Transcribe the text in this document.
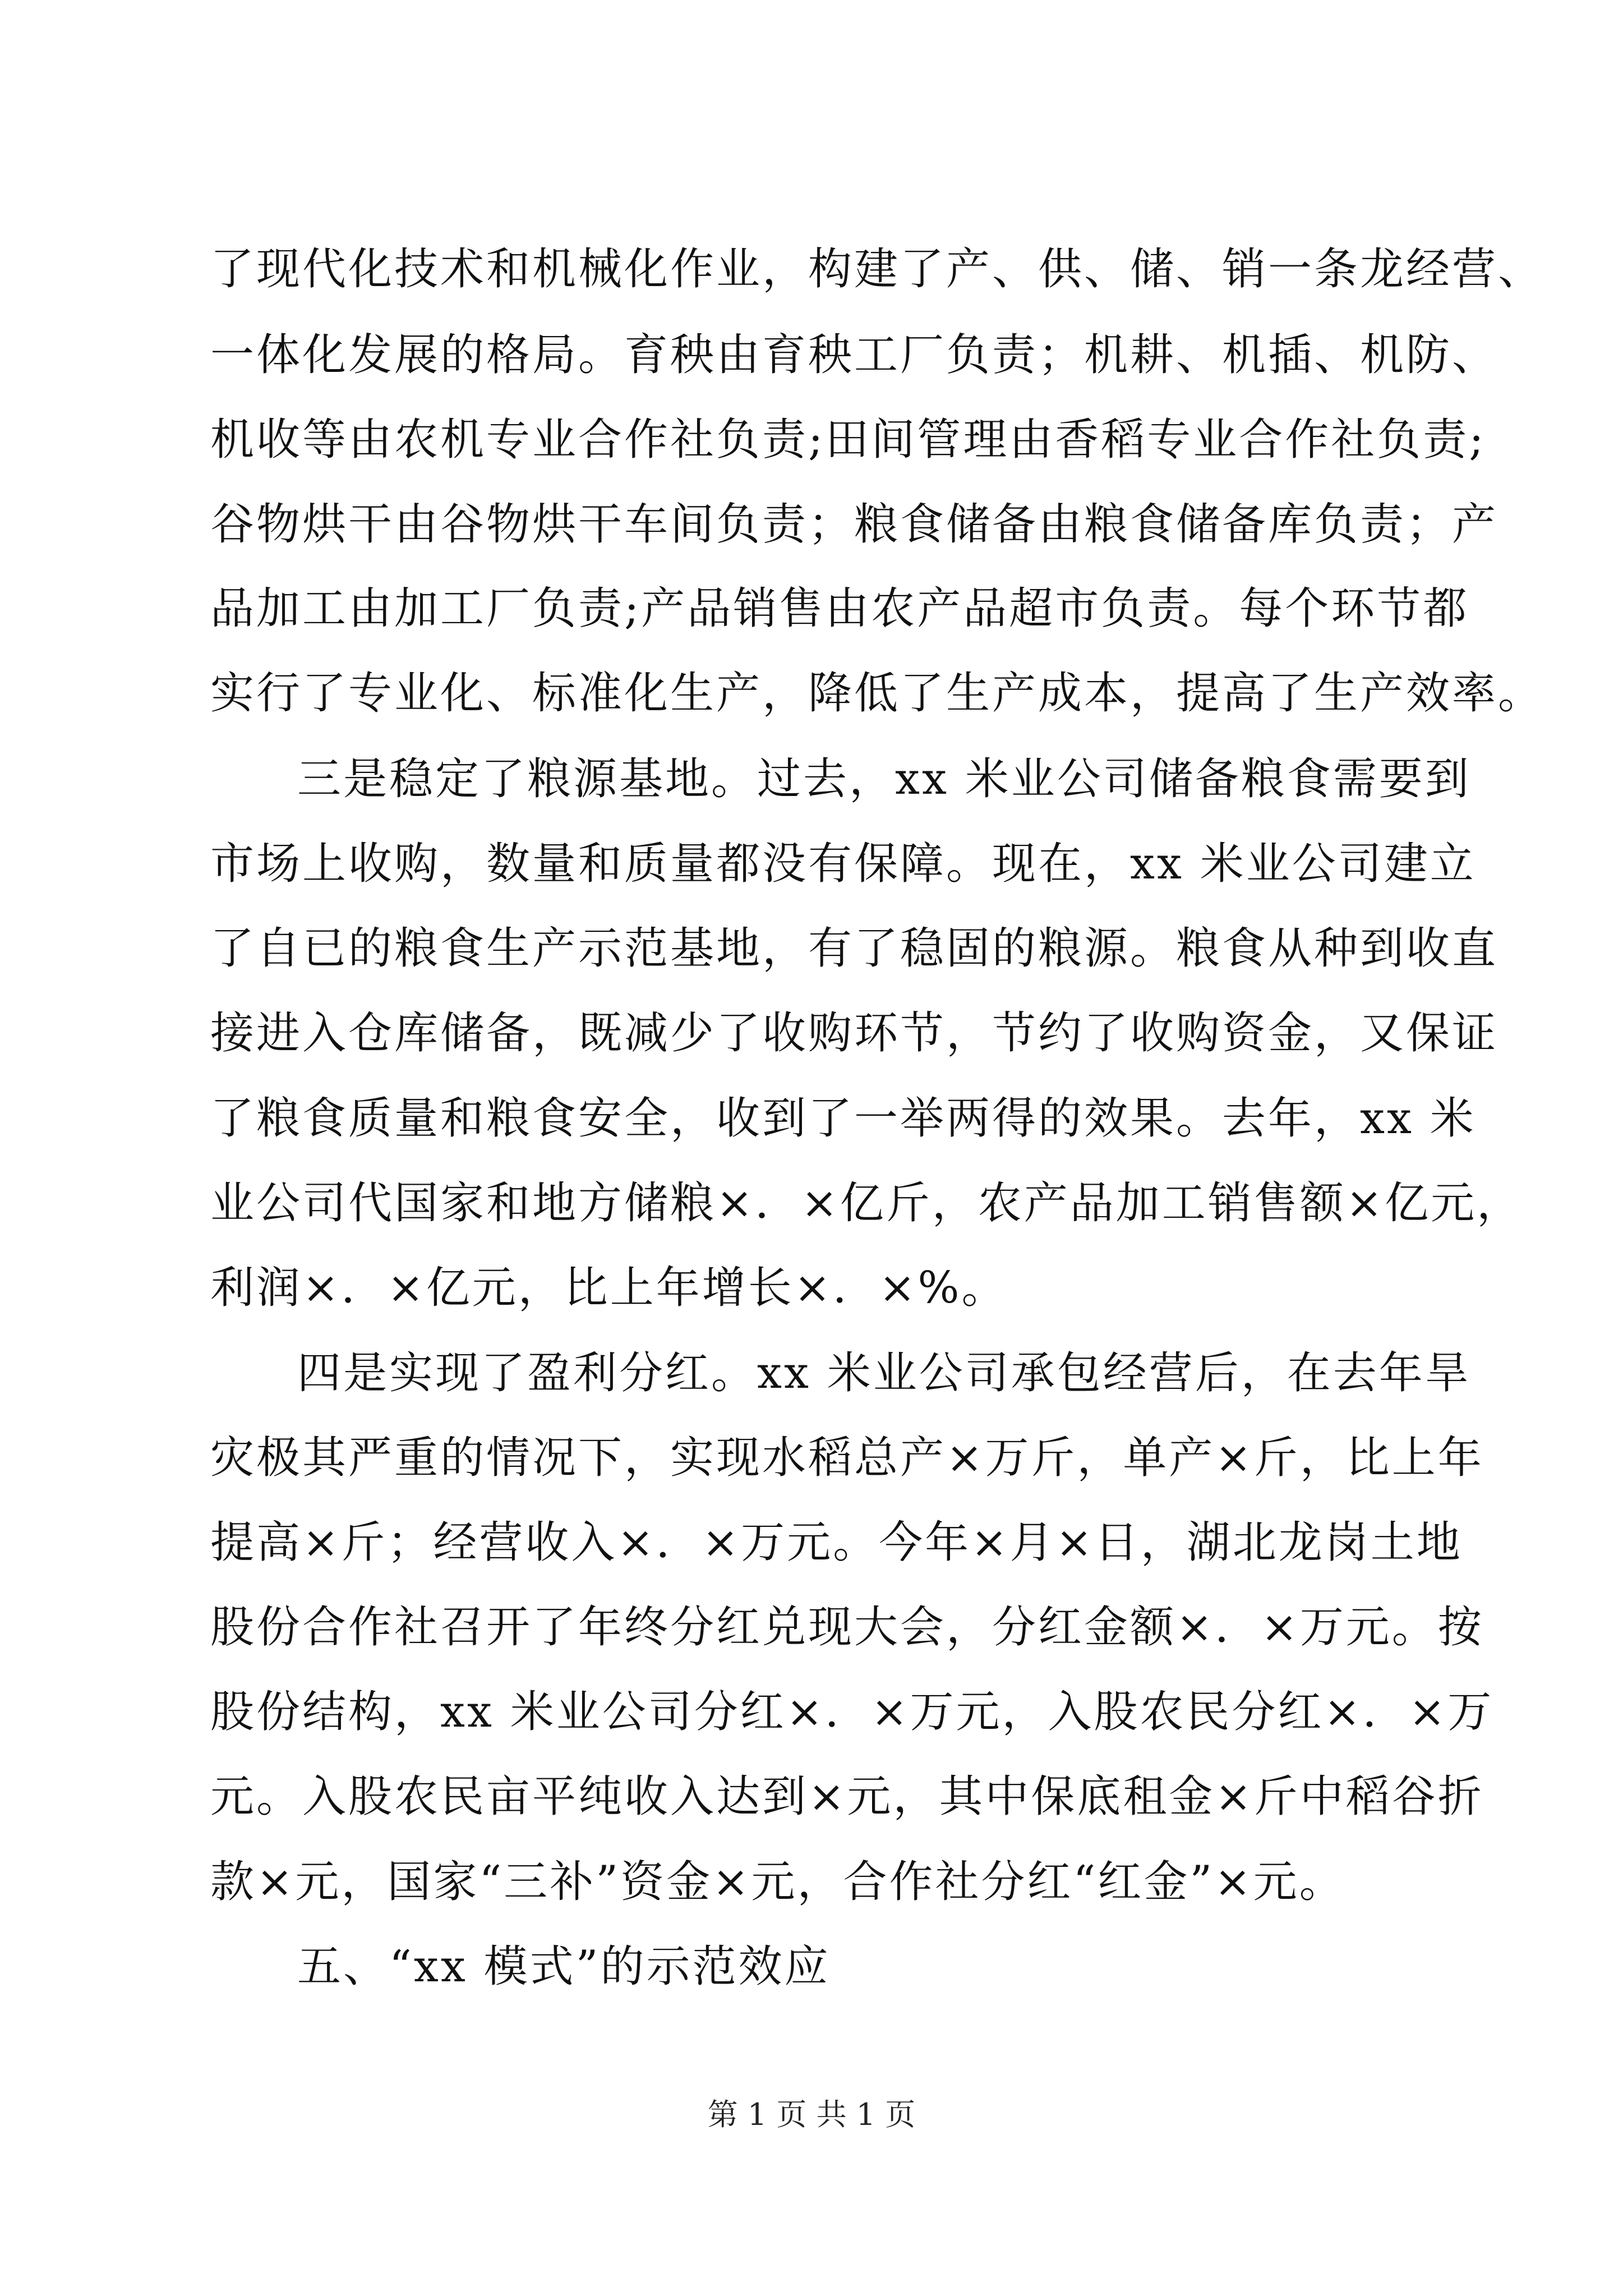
了现代化技术和机械化作业，构建了产、供、储、销一条龙经营、
一体化发展的格局。育秧由育秧工厂负责；机耕、机插、机防、
机收等由农机专业合作社负责;田间管理由香稻专业合作社负责;
谷物烘干由谷物烘干车间负责；粮食储备由粮食储备库负责；产
品加工由加工厂负责;产品销售由农产品超市负责。每个环节都
实行了专业化、标准化生产，降低了生产成本，提高了生产效率。
三是稳定了粮源基地。过去，xx 米业公司储备粮食需要到
市场上收购，数量和质量都没有保障。现在，xx 米业公司建立
了自已的粮食生产示范基地，有了稳固的粮源。粮食从种到收直
接进入仓库储备，既减少了收购环节，节约了收购资金，又保证
了粮食质量和粮食安全，收到了一举两得的效果。去年，xx 米
业公司代国家和地方储粮×．×亿斤，农产品加工销售额×亿元，
利润×．×亿元，比上年增长×．×%。
四是实现了盈利分红。xx 米业公司承包经营后，在去年旱
灾极其严重的情况下，实现水稻总产×万斤，单产×斤，比上年
提高×斤；经营收入×．×万元。今年×月×日，湖北龙岗土地
股份合作社召开了年终分红兑现大会，分红金额×．×万元。按
股份结构，xx 米业公司分红×．×万元，入股农民分红×．×万
元。入股农民亩平纯收入达到×元，其中保底租金×斤中稻谷折
款×元，国家“三补”资金×元，合作社分红“红金”×元。
五、“xx 模式”的示范效应
第 1 页 共 1 页
